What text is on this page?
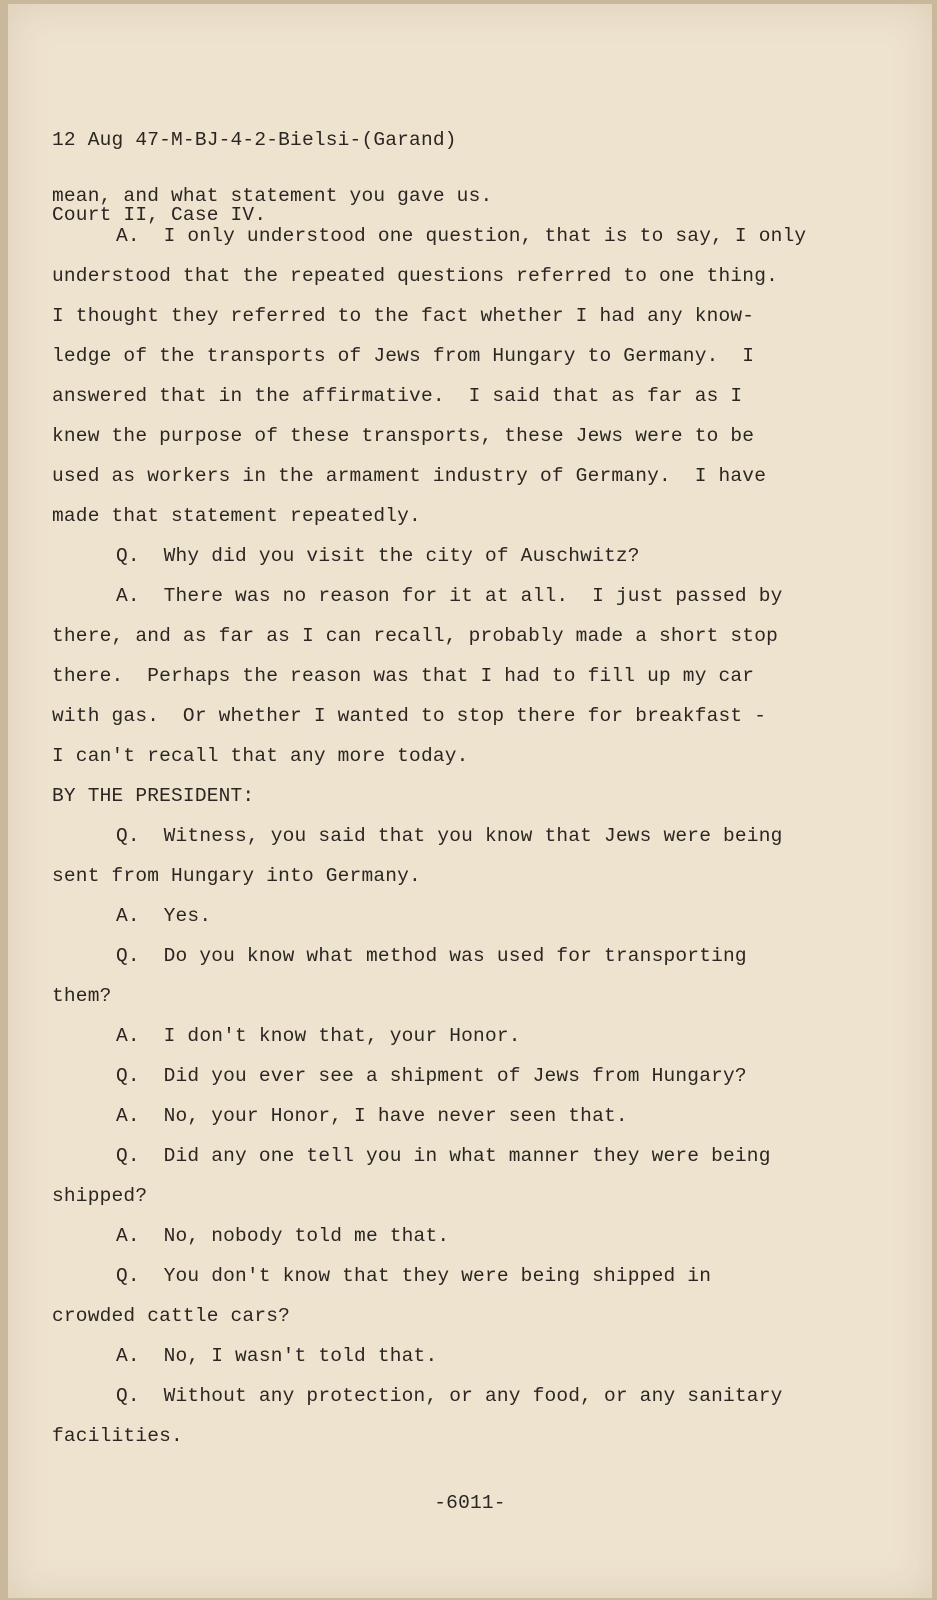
12 Aug 47-M-BJ-4-2-Bielsi-(Garand)

Court II, Case IV.

mean, and what statement you gave us.
A.  I only understood one question, that is to say, I only
understood that the repeated questions referred to one thing.
I thought they referred to the fact whether I had any know-
ledge of the transports of Jews from Hungary to Germany.  I
answered that in the affirmative.  I said that as far as I
knew the purpose of these transports, these Jews were to be
used as workers in the armament industry of Germany.  I have
made that statement repeatedly.
Q.  Why did you visit the city of Auschwitz?
A.  There was no reason for it at all.  I just passed by
there, and as far as I can recall, probably made a short stop
there.  Perhaps the reason was that I had to fill up my car
with gas.  Or whether I wanted to stop there for breakfast -
I can't recall that any more today.
BY THE PRESIDENT:
Q.  Witness, you said that you know that Jews were being
sent from Hungary into Germany.
A.  Yes.
Q.  Do you know what method was used for transporting
them?
A.  I don't know that, your Honor.
Q.  Did you ever see a shipment of Jews from Hungary?
A.  No, your Honor, I have never seen that.
Q.  Did any one tell you in what manner they were being
shipped?
A.  No, nobody told me that.
Q.  You don't know that they were being shipped in
crowded cattle cars?
A.  No, I wasn't told that.
Q.  Without any protection, or any food, or any sanitary
facilities.
-6011-
